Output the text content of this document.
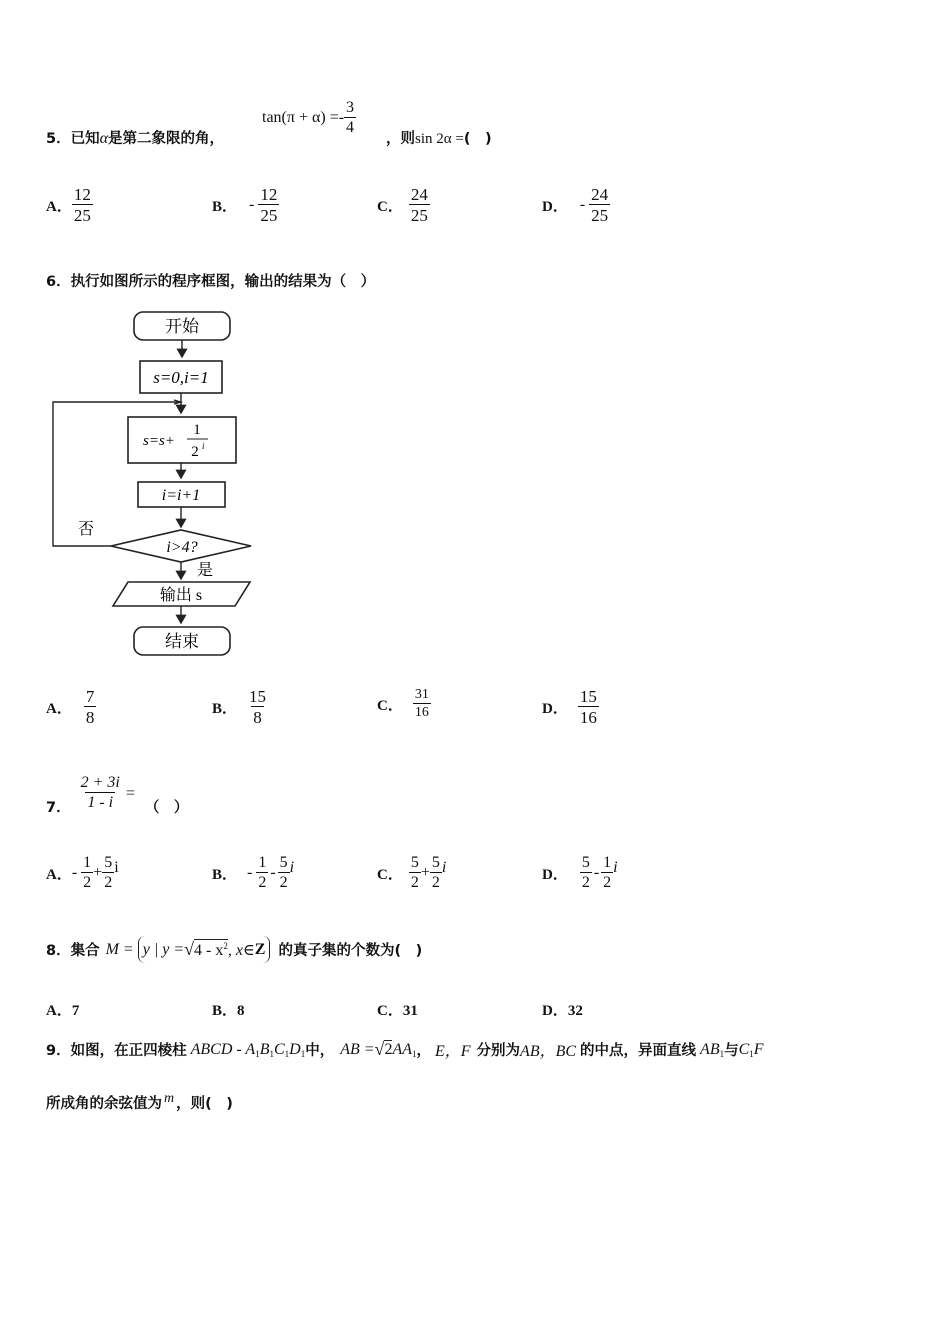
5．已知α是第二象限的角，
$\tan(\pi + \alpha) =- \frac{3}{4}$
，则sin 2α =(　)
A． $\frac{12}{25}$	B． - $\frac{12}{25}$	C． $\frac{24}{25}$	D． - $\frac{24}{25}$
6．执行如图所示的程序框图，输出的结果为（　）
开始
s=0,i=1
s=s+
1
2 i
i=i+1
i>4?
否
是
输出 s
结束
A． $\frac{7}{8}$	B． $\frac{15}{8}$	C． $\frac{31}{16}$	D． $\frac{15}{16}$
7． $\frac{2 + 3i}{1 - i}$ =
（　）
A． - $\frac{1}{2} + \frac{5}{2}$ i	B． - $\frac{1}{2} - \frac{5}{2}$ i	C． $\frac{5}{2} + \frac{5}{2}$ i	D． $\frac{5}{2} - \frac{1}{2}$ i
8．集合 M = y | y = √ $4 - x^2$ , x∈ Z 的真子集的个数为(　)
A．7	B．8	C．31	D．32
9．如图，在正四棱柱 ABCD - $A_1B_1C_1D_1$ 中， AB = √ 2 $AA_1$ ， E，F 分别为 AB，BC 的中点，异面直线 $AB_1$ 与 $C_1F$
所成角的余弦值为 m ，则(　)
